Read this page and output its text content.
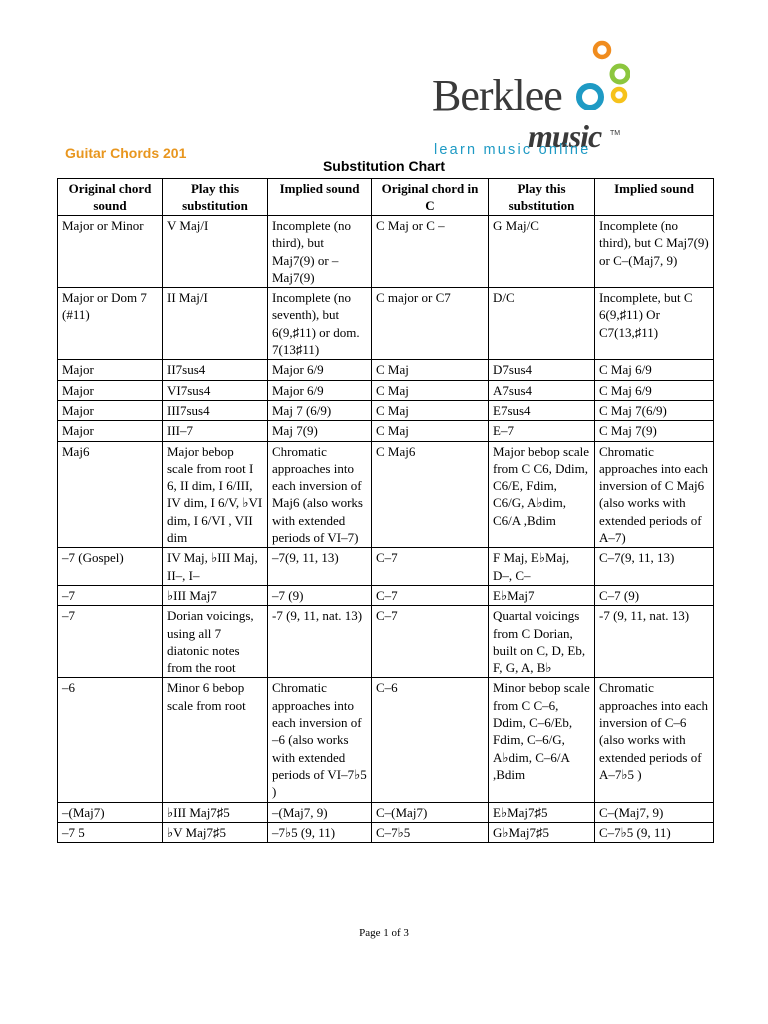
Berklee
music TM
learn music online
Guitar Chords 201
Substitution Chart
Original chord sound	Play this substitution	Implied sound	Original chord in C	Play this substitution	Implied sound
Major or Minor	V Maj/I	Incomplete (no third), but Maj7(9) or –Maj7(9)	C Maj or C –	G Maj/C	Incomplete (no third), but C Maj7(9) or C–(Maj7, 9)
Major or Dom 7 (#11)	II Maj/I	Incomplete (no seventh), but 6(9,♯11) or dom. 7(13♯11)	C major or C7	D/C	Incomplete, but C 6(9,♯11) Or C7(13,♯11)
Major	II7sus4	Major 6/9	C Maj	D7sus4	C Maj 6/9
Major	VI7sus4	Major 6/9	C Maj	A7sus4	C Maj 6/9
Major	III7sus4	Maj 7 (6/9)	C Maj	E7sus4	C Maj 7(6/9)
Major	III–7	Maj 7(9)	C Maj	E–7	C Maj 7(9)
Maj6	Major bebop scale from root I 6, II dim, I 6/III, IV dim, I 6/V, ♭VI dim, I 6/VI , VII dim	Chromatic approaches into each inversion of Maj6 (also works with extended periods of VI–7)	C Maj6	Major bebop scale from C C6, Ddim, C6/E, Fdim, C6/G, A♭dim, C6/A ,Bdim	Chromatic approaches into each inversion of C Maj6 (also works with extended periods of A–7)
–7 (Gospel)	IV Maj, ♭III Maj, II–, I–	–7(9, 11, 13)	C–7	F Maj, E♭Maj, D–, C–	C–7(9, 11, 13)
–7	♭III Maj7	–7 (9)	C–7	E♭Maj7	C–7 (9)
–7	Dorian voicings, using all 7 diatonic notes from the root	-7 (9, 11, nat. 13)	C–7	Quartal voicings from C Dorian, built on C, D, Eb, F, G, A, B♭	-7 (9, 11, nat. 13)
–6	Minor 6 bebop scale from root	Chromatic approaches into each inversion of –6 (also works with extended periods of VI–7♭5 )	C–6	Minor bebop scale from C C–6, Ddim, C–6/Eb, Fdim, C–6/G, A♭dim, C–6/A ,Bdim	Chromatic approaches into each inversion of C–6 (also works with extended periods of A–7♭5 )
–(Maj7)	♭III Maj7♯5	–(Maj7, 9)	C–(Maj7)	E♭Maj7♯5	C–(Maj7, 9)
–7 5	♭V Maj7♯5	–7♭5 (9, 11)	C–7♭5	G♭Maj7♯5	C–7♭5 (9, 11)
Page 1 of 3
